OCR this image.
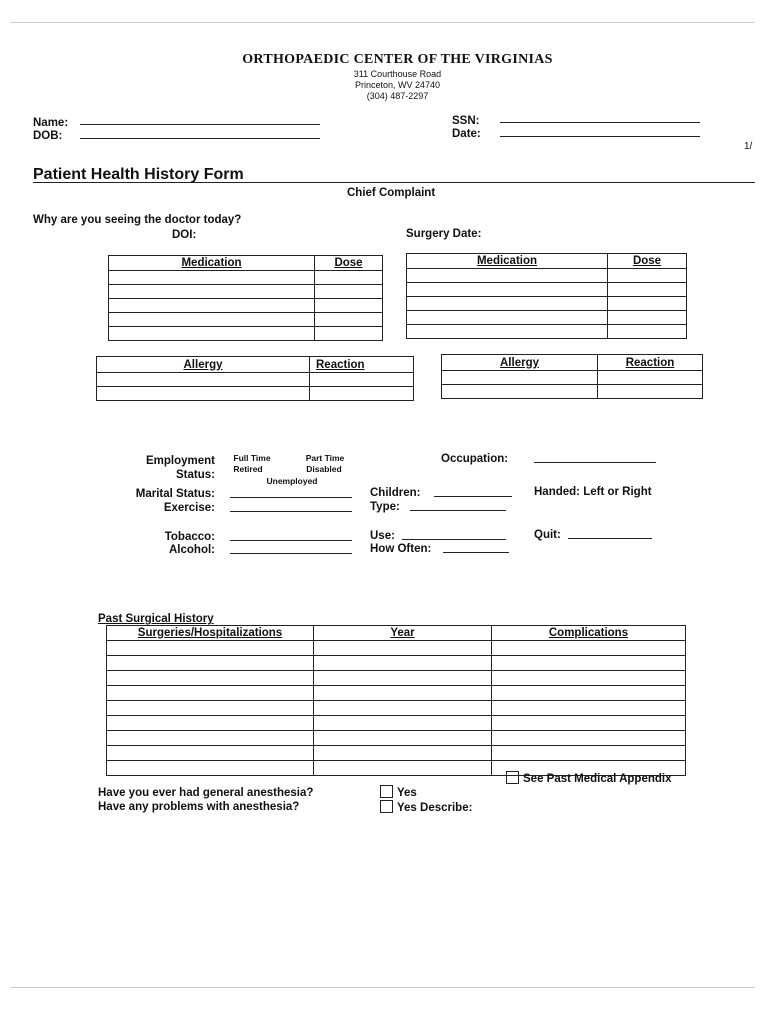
ORTHOPAEDIC CENTER OF THE VIRGINIAS
311 Courthouse Road
Princeton, WV 24740
(304) 487-2297
Name:
DOB:
SSN:
Date:
1/
Patient Health History Form
Chief Complaint
Why are you seeing the doctor today?
DOI:	Surgery Date:
Medication	Dose

		Medication	Dose

Allergy	Reaction

		Allergy	Reaction

Employment
Status:
Full Time	Part Time
Retired	Disabled
Unemployed
Occupation:
Marital Status:
Exercise:
Children:
Type:
Handed: Left or Right
Tobacco:
Alcohol:
Use:
How Often:
Quit:
Past Surgical History
Surgeries/Hospitalizations	Year	Complications

See Past Medical Appendix
Have you ever had general anesthesia?	Yes
Have any problems with anesthesia?	Yes Describe:
